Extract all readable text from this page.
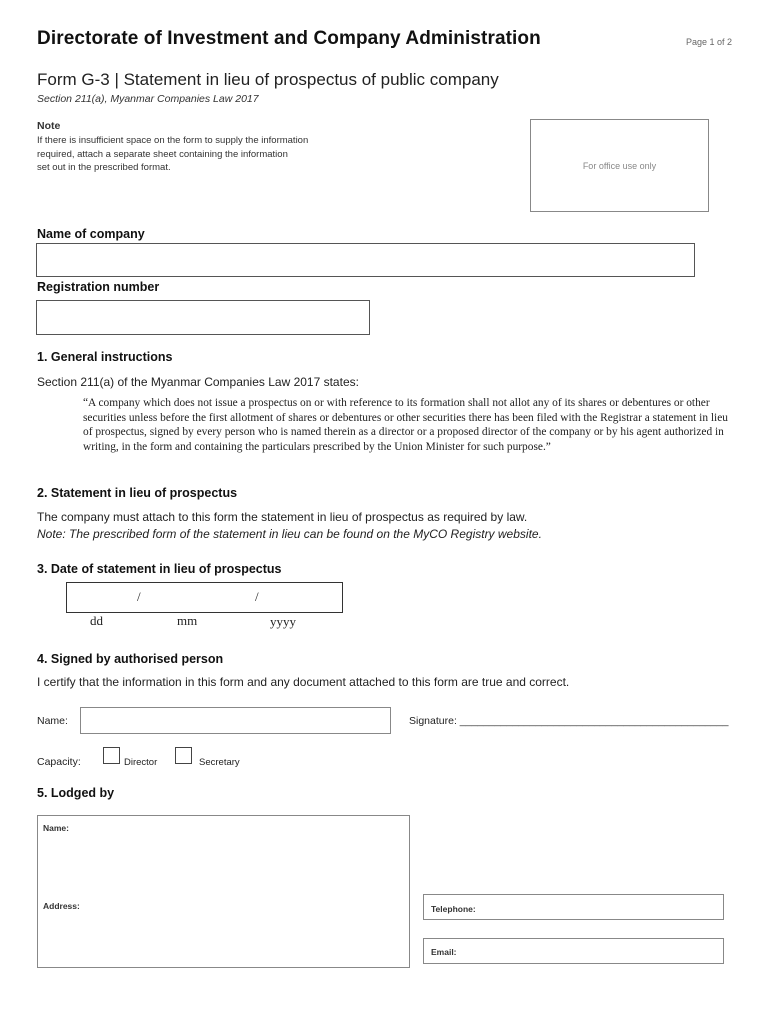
Directorate of Investment and Company Administration	Page 1 of 2
Form G-3 | Statement in lieu of prospectus of public company
Section 211(a), Myanmar Companies Law 2017
Note
If there is insufficient space on the form to supply the information
required, attach a separate sheet containing the information
set out in the prescribed format.	For office use only
Name of company
Registration number
1. General instructions
Section 211(a) of the Myanmar Companies Law 2017 states:
“A company which does not issue a prospectus on or with reference to its formation shall not allot any of its shares or debentures or other securities unless before the first allotment of shares or debentures or other securities there has been filed with the Registrar a statement in lieu of prospectus, signed by every person who is named therein as a director or a proposed director of the company or by his agent authorized in writing, in the form and containing the particulars prescribed by the Union Minister for such purpose.”
2. Statement in lieu of prospectus
The company must attach to this form the statement in lieu of prospectus as required by law.
Note: The prescribed form of the statement in lieu can be found on the MyCO Registry website.
3. Date of statement in lieu of prospectus
/	/
dd	mm	yyyy
4. Signed by authorised person
I certify that the information in this form and any document attached to this form are true and correct.
Name:	Signature: ______________________________________________
Capacity:	Director	Secretary
5. Lodged by
Name:
Address:	Telephone:
Email:
